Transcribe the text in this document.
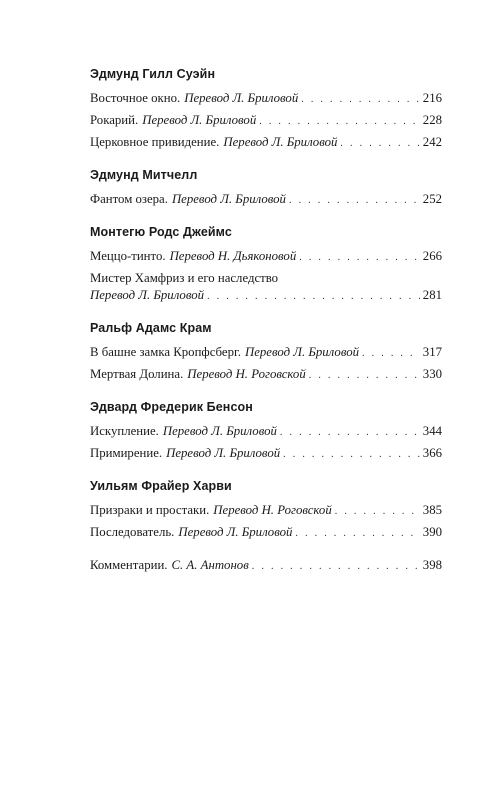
Эдмунд Гилл Суэйн
Восточное окно. Перевод Л. Бриловой . . .	216
Рокарий. Перевод Л. Бриловой . . .	228
Церковное привидение. Перевод Л. Бриловой . . .	242
Эдмунд Митчелл
Фантом озера. Перевод Л. Бриловой . . .	252
Монтегю Родс Джеймс
Меццо-тинто. Перевод Н. Дьяконовой . . .	266
Мистер Хамфриз и его наследство
Перевод Л. Бриловой . . .	281
Ральф Адамс Крам
В башне замка Кропфсберг. Перевод Л. Бриловой . . .	317
Мертвая Долина. Перевод Н. Роговской . . .	330
Эдвард Фредерик Бенсон
Искупление. Перевод Л. Бриловой . . .	344
Примирение. Перевод Л. Бриловой . . .	366
Уильям Фрайер Харви
Призраки и простаки. Перевод Н. Роговской . . .	385
Последователь. Перевод Л. Бриловой . . .	390
Комментарии. С. А. Антонов . . .	398
